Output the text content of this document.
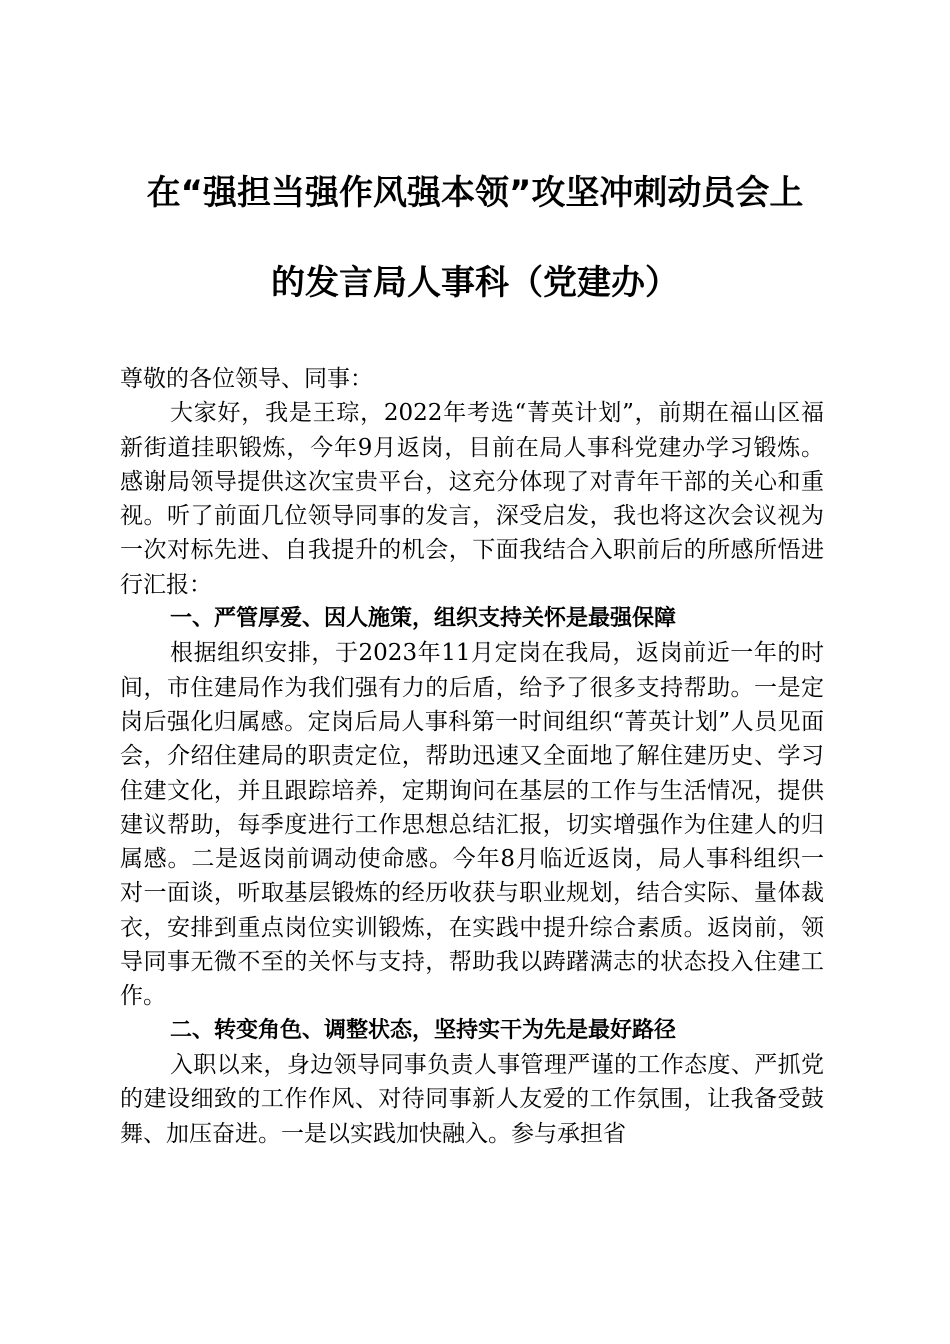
在“强担当强作风强本领”攻坚冲刺动员会上
的发言局人事科（党建办）

尊敬的各位领导、同事：

大家好，我是王琮，2022年考选“菁英计划”，前期在福山区福新街道挂职锻炼，今年9月返岗，目前在局人事科党建办学习锻炼。感谢局领导提供这次宝贵平台，这充分体现了对青年干部的关心和重视。听了前面几位领导同事的发言，深受启发，我也将这次会议视为一次对标先进、自我提升的机会，下面我结合入职前后的所感所悟进行汇报：

一、严管厚爱、因人施策，组织支持关怀是最强保障

根据组织安排，于2023年11月定岗在我局，返岗前近一年的时间，市住建局作为我们强有力的后盾，给予了很多支持帮助。一是定岗后强化归属感。定岗后局人事科第一时间组织“菁英计划”人员见面会，介绍住建局的职责定位，帮助迅速又全面地了解住建历史、学习住建文化，并且跟踪培养，定期询问在基层的工作与生活情况，提供建议帮助，每季度进行工作思想总结汇报，切实增强作为住建人的归属感。二是返岗前调动使命感。今年8月临近返岗，局人事科组织一对一面谈，听取基层锻炼的经历收获与职业规划，结合实际、量体裁衣，安排到重点岗位实训锻炼，在实践中提升综合素质。返岗前，领导同事无微不至的关怀与支持，帮助我以踌躇满志的状态投入住建工作。

二、转变角色、调整状态，坚持实干为先是最好路径

入职以来，身边领导同事负责人事管理严谨的工作态度、严抓党的建设细致的工作作风、对待同事新人友爱的工作氛围，让我备受鼓舞、加压奋进。一是以实践加快融入。参与承担省
